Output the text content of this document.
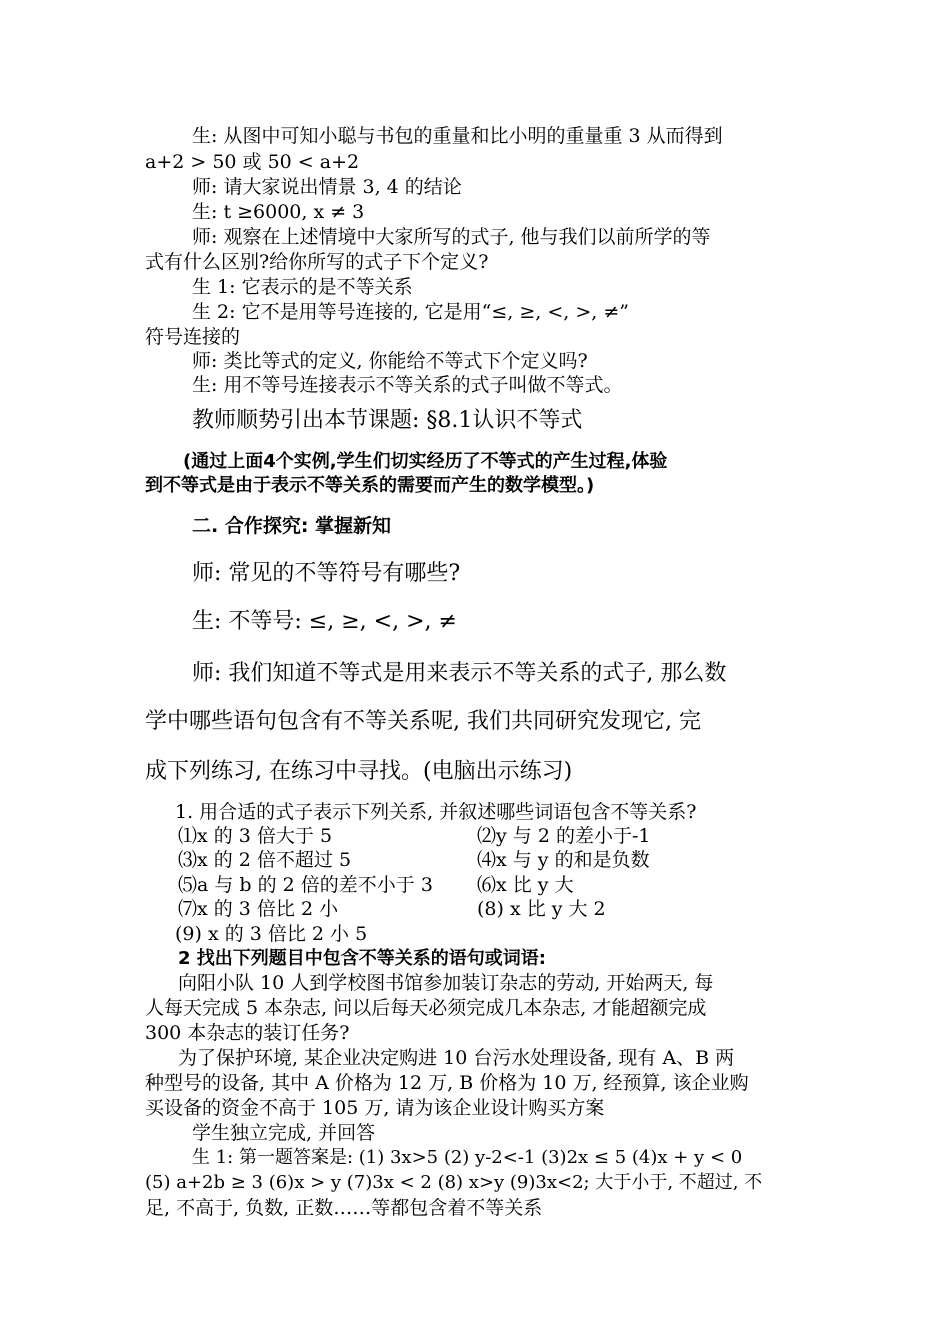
生: 从图中可知小聪与书包的重量和比小明的重量重 3 从而得到
a+2 > 50 或 50 < a+2
师: 请大家说出情景 3, 4 的结论
生: t ≥6000, x ≠ 3
师: 观察在上述情境中大家所写的式子, 他与我们以前所学的等
式有什么区别?给你所写的式子下个定义?
生 1: 它表示的是不等关系
生 2: 它不是用等号连接的, 它是用“≤, ≥, <, >, ≠”
符号连接的
师: 类比等式的定义, 你能给不等式下个定义吗?
生: 用不等号连接表示不等关系的式子叫做不等式。
教师顺势引出本节课题: §8.1认识不等式
(通过上面4个实例,学生们切实经历了不等式的产生过程,体验
到不等式是由于表示不等关系的需要而产生的数学模型。)
二. 合作探究: 掌握新知
师: 常见的不等符号有哪些?
生: 不等号: ≤, ≥, <, >, ≠
师: 我们知道不等式是用来表示不等关系的式子, 那么数
学中哪些语句包含有不等关系呢, 我们共同研究发现它, 完
成下列练习, 在练习中寻找。(电脑出示练习)
1. 用合适的式子表示下列关系, 并叙述哪些词语包含不等关系?
⑴x 的 3 倍大于 5	⑵y 与 2 的差小于-1
⑶x 的 2 倍不超过 5	⑷x 与 y 的和是负数
⑸a 与 b 的 2 倍的差不小于 3 ⑹x 比 y 大
⑺x 的 3 倍比 2 小	(8) x 比 y 大 2
(9) x 的 3 倍比 2 小 5
2 找出下列题目中包含不等关系的语句或词语:
向阳小队 10 人到学校图书馆参加装订杂志的劳动, 开始两天, 每
人每天完成 5 本杂志, 问以后每天必须完成几本杂志, 才能超额完成
300 本杂志的装订任务?
为了保护环境, 某企业决定购进 10 台污水处理设备, 现有 A、B 两
种型号的设备, 其中 A 价格为 12 万, B 价格为 10 万, 经预算, 该企业购
买设备的资金不高于 105 万, 请为该企业设计购买方案
学生独立完成, 并回答
生 1: 第一题答案是: (1) 3x>5 (2) y-2<-1 (3)2x ≤ 5 (4)x + y < 0
(5) a+2b ≥ 3 (6)x > y (7)3x < 2 (8) x>y (9)3x<2; 大于小于, 不超过, 不
足, 不高于, 负数, 正数……等都包含着不等关系
